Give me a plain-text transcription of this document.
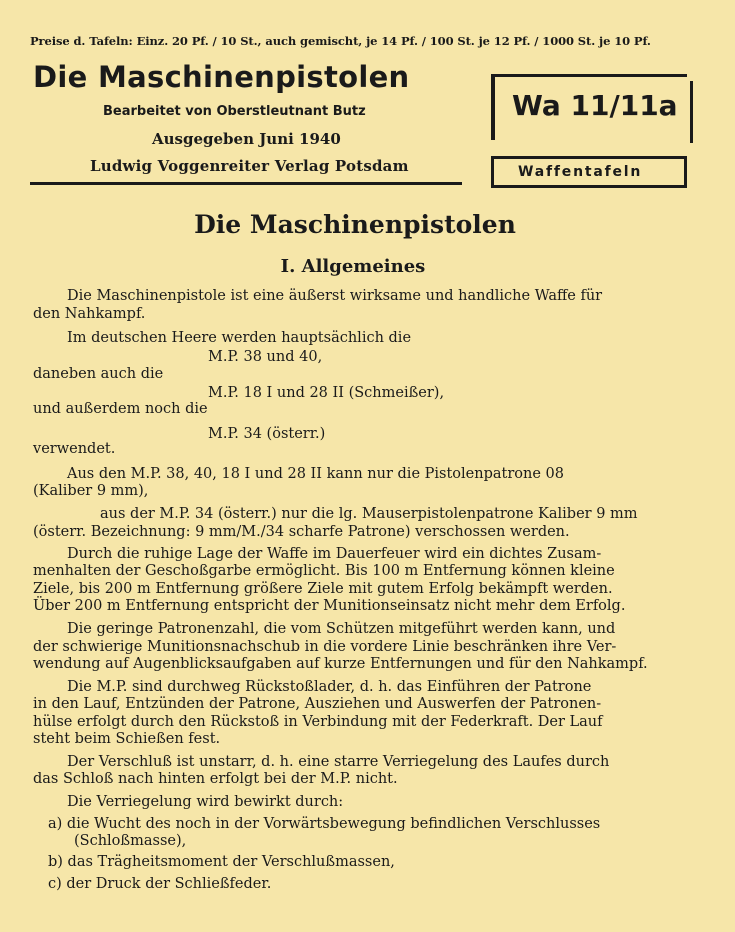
Preise d. Tafeln: Einz. 20 Pf. / 10 St., auch gemischt, je 14 Pf. / 100 St. je 12 Pf. / 1000 St. je 10 Pf.
Die Maschinenpistolen
Bearbeitet von Oberstleutnant Butz
Ausgegeben Juni 1940
Ludwig Voggenreiter Verlag Potsdam
Wa 11/11a
Waffentafeln
Die Maschinenpistolen
I. Allgemeines
Die Maschinenpistole ist eine äußerst wirksame und handliche Waffe für
den Nahkampf.
Im deutschen Heere werden hauptsächlich die
M.P. 38 und 40,
daneben auch die
M.P. 18 I und 28 II (Schmeißer),
und außerdem noch die
M.P. 34 (österr.)
verwendet.
Aus den M.P. 38, 40, 18 I und 28 II kann nur die Pistolenpatrone 08
(Kaliber 9 mm),
aus der M.P. 34 (österr.) nur die lg. Mauserpistolenpatrone Kaliber 9 mm
(österr. Bezeichnung: 9 mm/M./34 scharfe Patrone) verschossen werden.
Durch die ruhige Lage der Waffe im Dauerfeuer wird ein dichtes Zusam-
menhalten der Geschoßgarbe ermöglicht. Bis 100 m Entfernung können kleine
Ziele, bis 200 m Entfernung größere Ziele mit gutem Erfolg bekämpft werden.
Über 200 m Entfernung entspricht der Munitionseinsatz nicht mehr dem Erfolg.
Die geringe Patronenzahl, die vom Schützen mitgeführt werden kann, und
der schwierige Munitionsnachschub in die vordere Linie beschränken ihre Ver-
wendung auf Augenblicksaufgaben auf kurze Entfernungen und für den Nahkampf.
Die M.P. sind durchweg Rückstoßlader, d. h. das Einführen der Patrone
in den Lauf, Entzünden der Patrone, Ausziehen und Auswerfen der Patronen-
hülse erfolgt durch den Rückstoß in Verbindung mit der Federkraft. Der Lauf
steht beim Schießen fest.
Der Verschluß ist unstarr, d. h. eine starre Verriegelung des Laufes durch
das Schloß nach hinten erfolgt bei der M.P. nicht.
Die Verriegelung wird bewirkt durch:
a) die Wucht des noch in der Vorwärtsbewegung befindlichen Verschlusses
(Schloßmasse),
b) das Trägheitsmoment der Verschlußmassen,
c) der Druck der Schließfeder.
